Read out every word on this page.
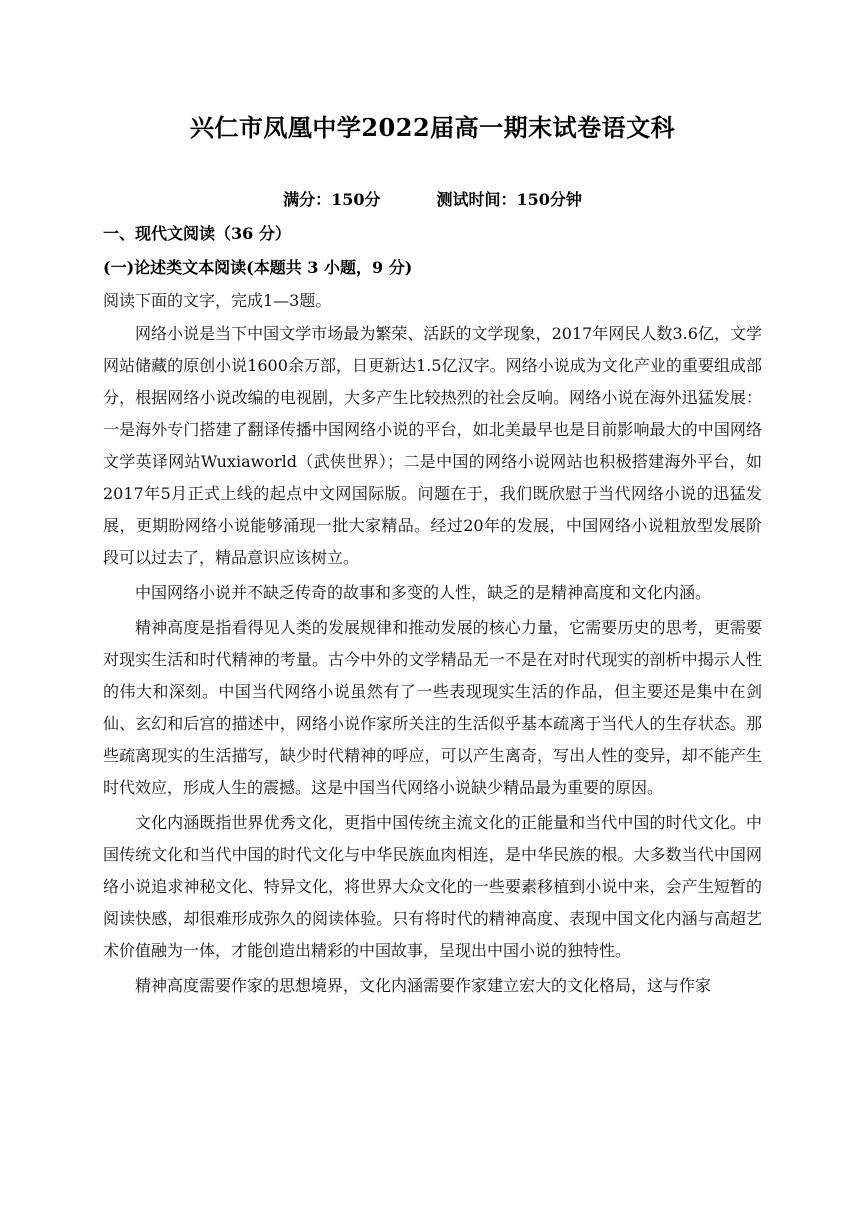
兴仁市凤凰中学2022届高一期末试卷语文科
满分：150分	测试时间：150分钟
一、现代文阅读（36 分）
(一)论述类文本阅读(本题共 3 小题，9 分)
阅读下面的文字，完成1—3题。

网络小说是当下中国文学市场最为繁荣、活跃的文学现象，2017年网民人数3.6亿，文学网站储藏的原创小说1600余万部，日更新达1.5亿汉字。网络小说成为文化产业的重要组成部分，根据网络小说改编的电视剧，大多产生比较热烈的社会反响。网络小说在海外迅猛发展：一是海外专门搭建了翻译传播中国网络小说的平台，如北美最早也是目前影响最大的中国网络文学英译网站Wuxiaworld（武侠世界）；二是中国的网络小说网站也积极搭建海外平台，如2017年5月正式上线的起点中文网国际版。问题在于，我们既欣慰于当代网络小说的迅猛发展，更期盼网络小说能够涌现一批大家精品。经过20年的发展，中国网络小说粗放型发展阶段可以过去了，精品意识应该树立。

中国网络小说并不缺乏传奇的故事和多变的人性，缺乏的是精神高度和文化内涵。

精神高度是指看得见人类的发展规律和推动发展的核心力量，它需要历史的思考，更需要对现实生活和时代精神的考量。古今中外的文学精品无一不是在对时代现实的剖析中揭示人性的伟大和深刻。中国当代网络小说虽然有了一些表现现实生活的作品，但主要还是集中在剑仙、玄幻和后宫的描述中，网络小说作家所关注的生活似乎基本疏离于当代人的生存状态。那些疏离现实的生活描写，缺少时代精神的呼应，可以产生离奇，写出人性的变异，却不能产生时代效应，形成人生的震撼。这是中国当代网络小说缺少精品最为重要的原因。

文化内涵既指世界优秀文化，更指中国传统主流文化的正能量和当代中国的时代文化。中国传统文化和当代中国的时代文化与中华民族血肉相连，是中华民族的根。大多数当代中国网络小说追求神秘文化、特异文化，将世界大众文化的一些要素移植到小说中来，会产生短暂的阅读快感，却很难形成弥久的阅读体验。只有将时代的精神高度、表现中国文化内涵与高超艺术价值融为一体，才能创造出精彩的中国故事，呈现出中国小说的独特性。

精神高度需要作家的思想境界，文化内涵需要作家建立宏大的文化格局，这与作家
